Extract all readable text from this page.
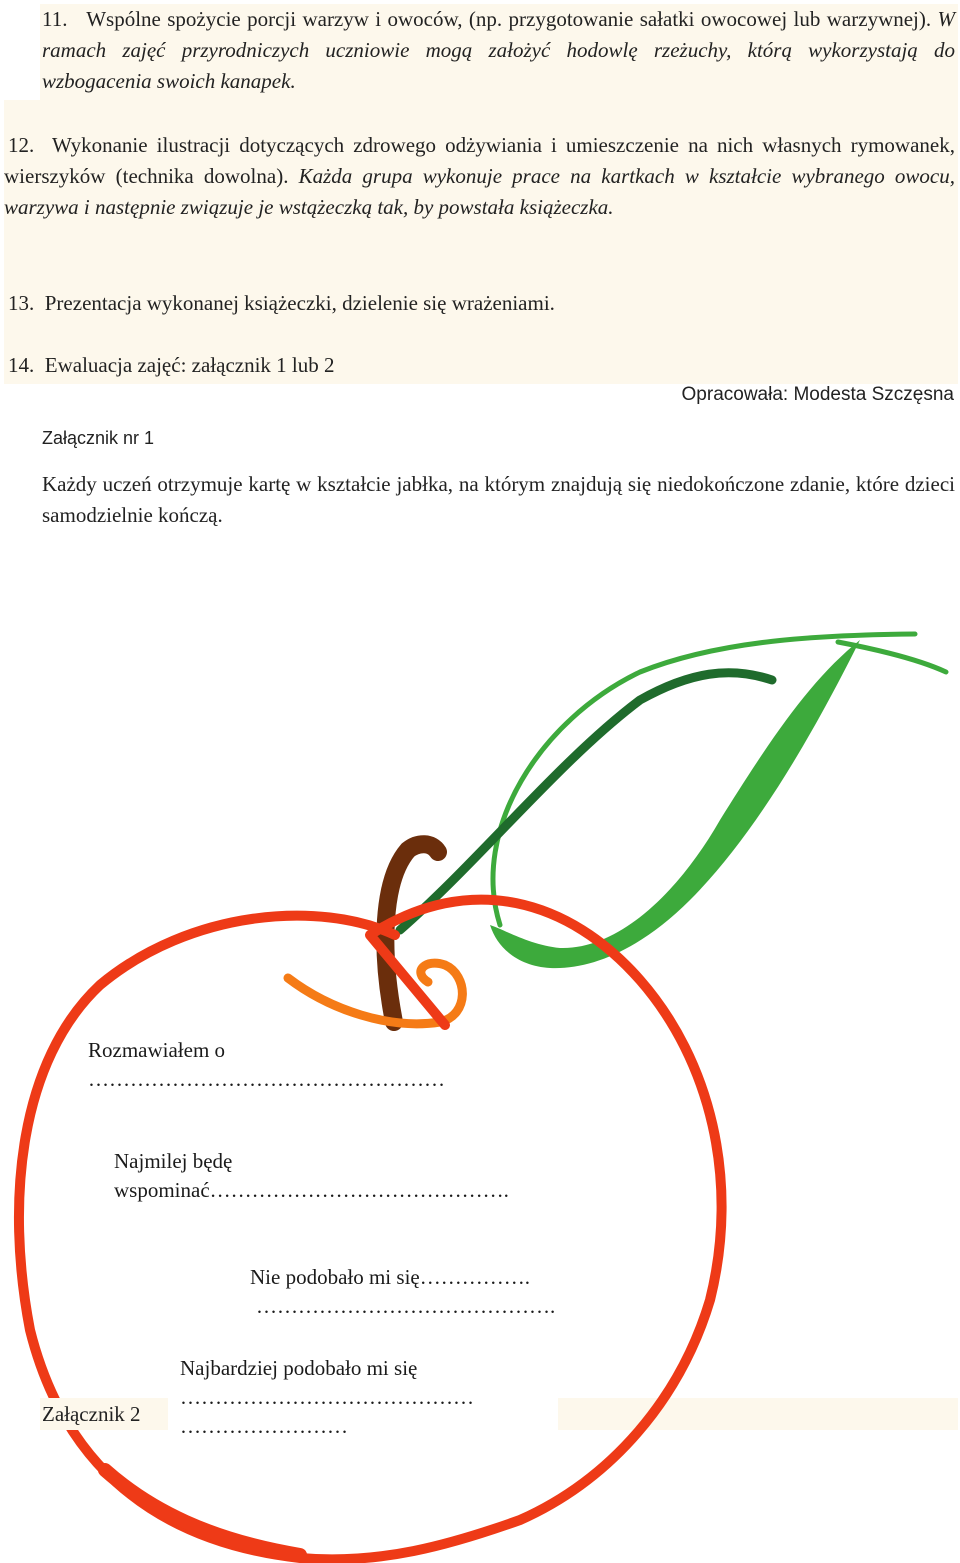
11. Wspólne spożycie porcji warzyw i owoców, (np. przygotowanie sałatki owocowej lub warzywnej). W ramach zajęć przyrodniczych uczniowie mogą założyć hodowlę rzeżuchy, którą wykorzystają do wzbogacenia swoich kanapek.
12. Wykonanie ilustracji dotyczących zdrowego odżywiania i umieszczenie na nich własnych rymowanek, wierszyków (technika dowolna). Każda grupa wykonuje prace na kartkach w kształcie wybranego owocu, warzywa i następnie związuje je wstążeczką tak, by powstała książeczka.
13. Prezentacja wykonanej książeczki, dzielenie się wrażeniami.
14. Ewaluacja zajęć: załącznik 1 lub 2
Opracowała: Modesta Szczęsna
Załącznik nr 1
Każdy uczeń otrzymuje kartę w kształcie jabłka, na którym znajdują się niedokończone zdanie, które dzieci samodzielnie kończą.
Rozmawiałem o
……………………………………………
Najmilej będę
wspominać…………………………………….
Nie podobało mi się…………….
…………………………………….
Najbardziej podobało mi się
……………………………………
……………………
Załącznik 2
